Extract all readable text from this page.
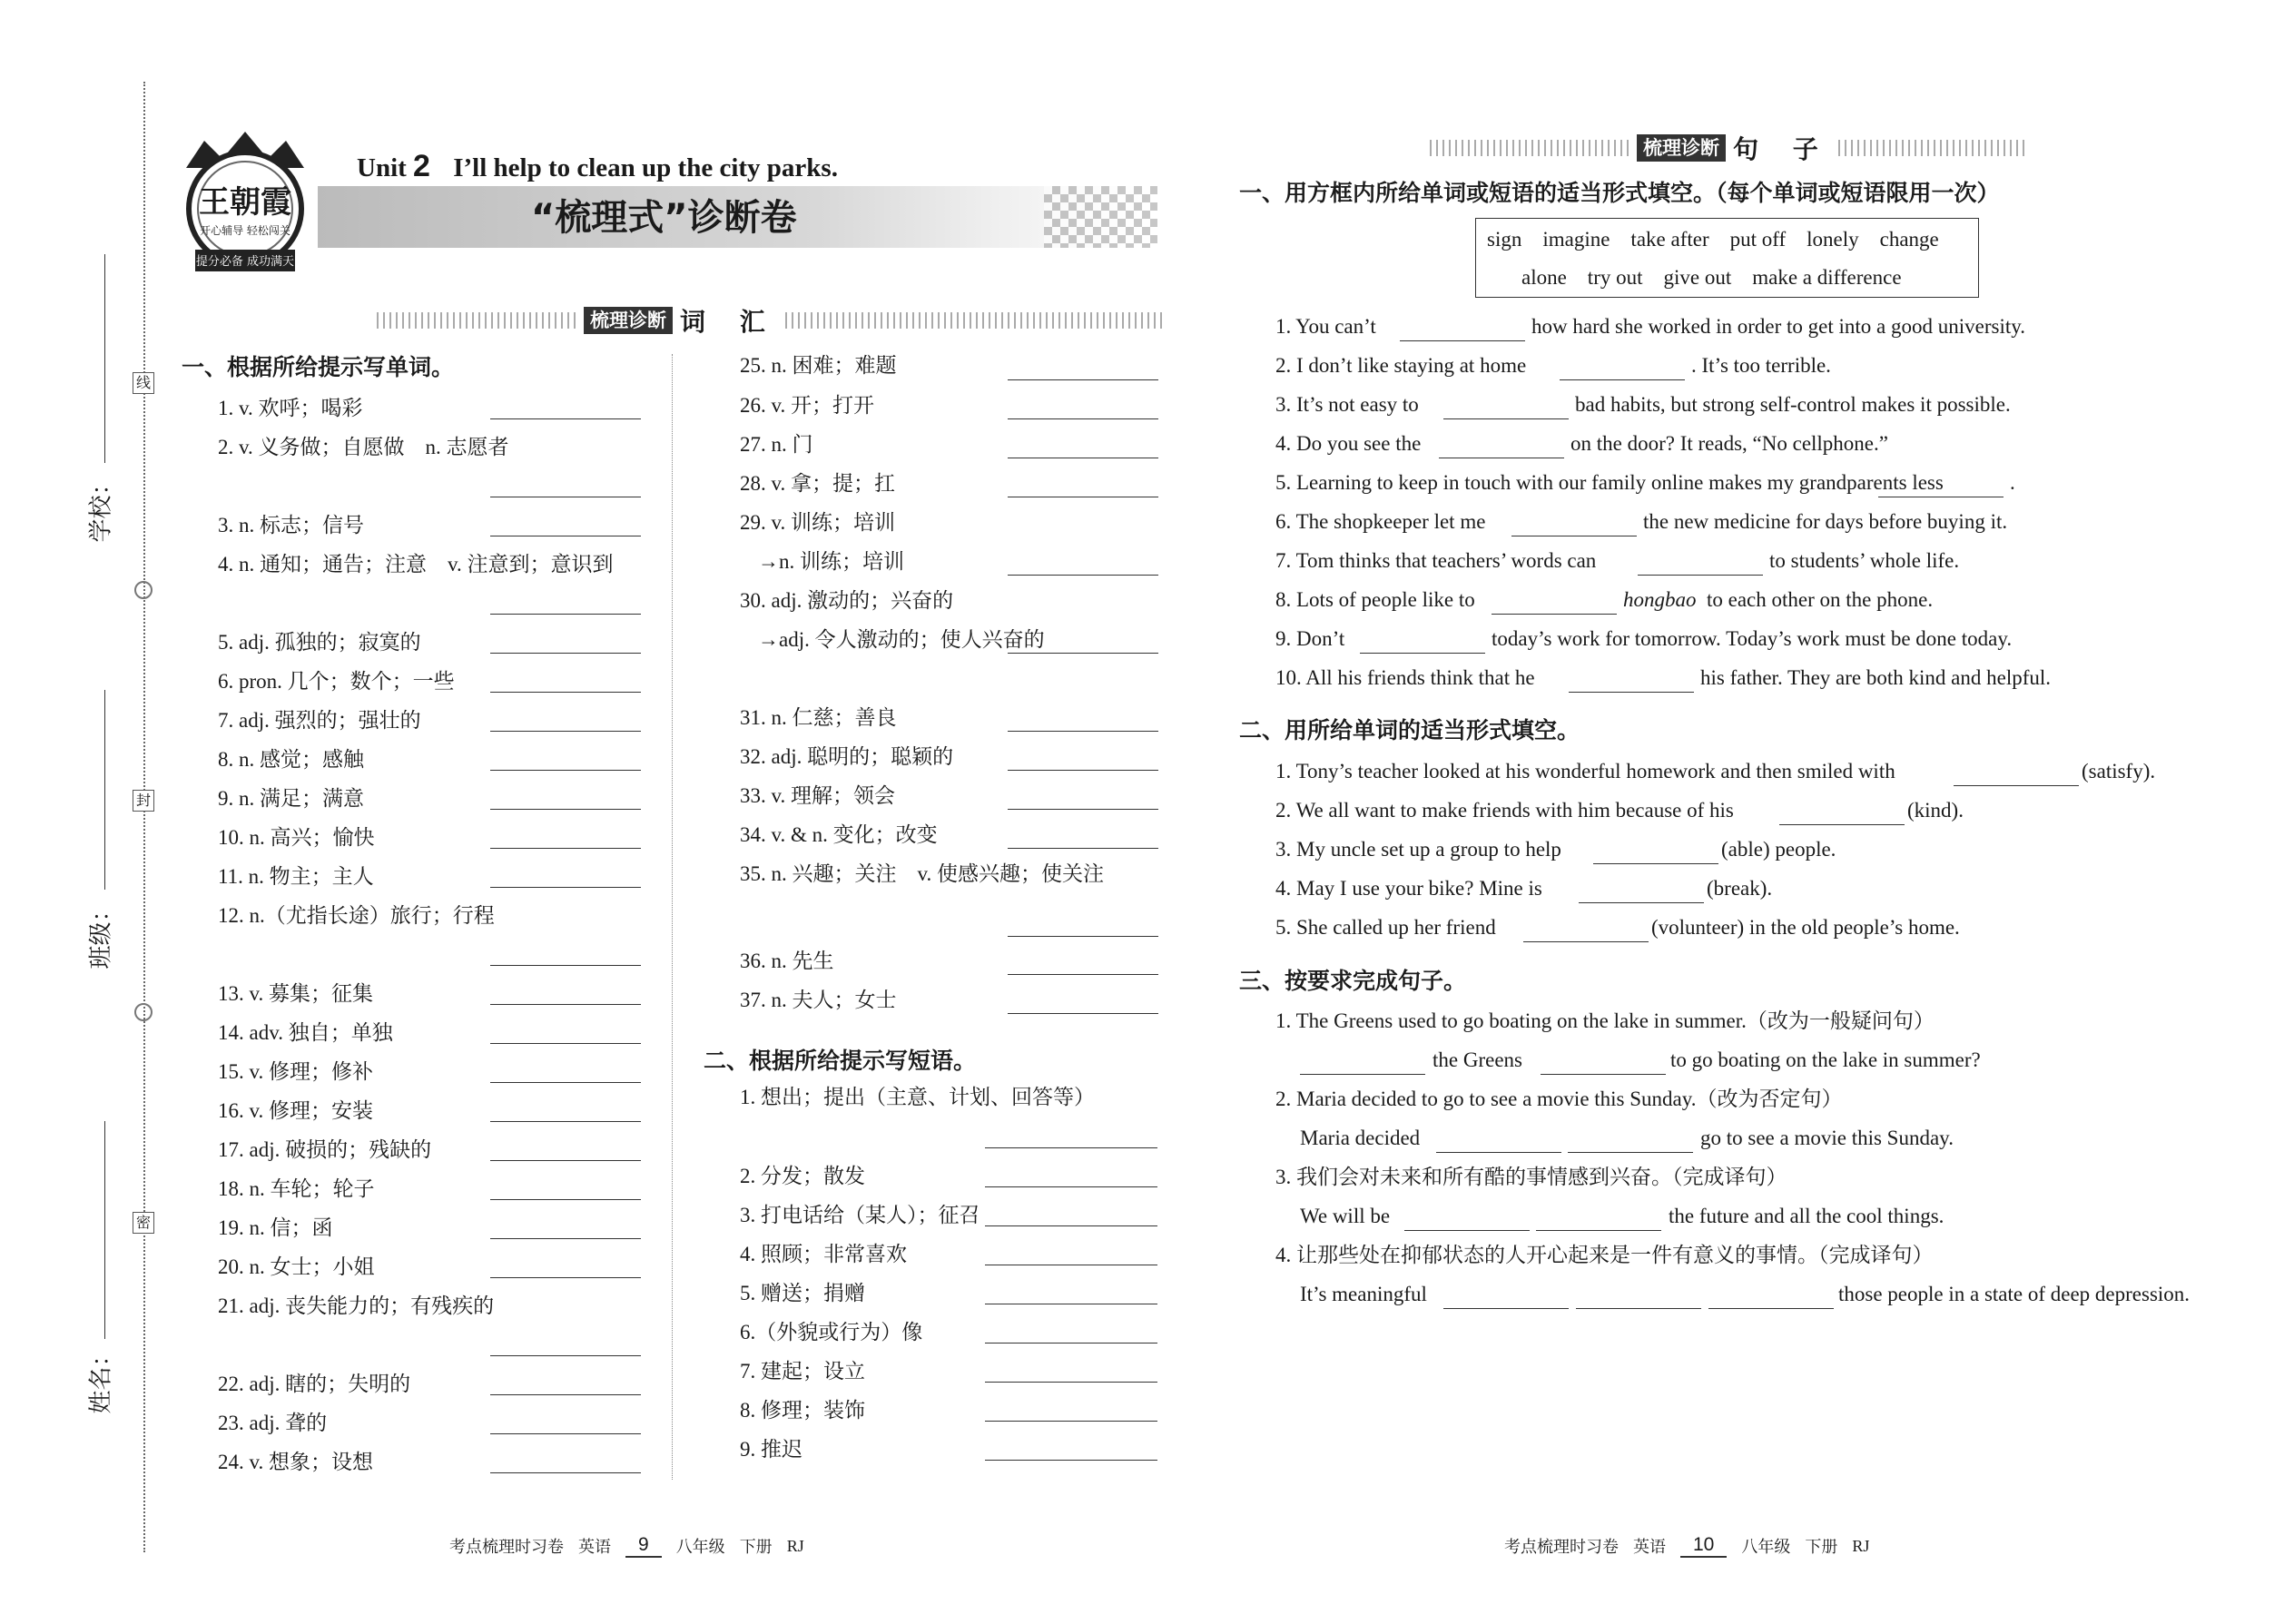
学校：
班级：
姓名：
线
封
密
王朝霞
开心辅导 轻松闯关
提分必备 成功满天
Unit 2 I’ll help to clean up the city parks.
“梳理式”诊断卷
梳理诊断 词 汇
梳理诊断 句 子
一、根据所给提示写单词。
1. v. 欢呼；喝彩
2. v. 义务做；自愿做　n. 志愿者
3. n. 标志；信号
4. n. 通知；通告；注意　v. 注意到；意识到
5. adj. 孤独的；寂寞的
6. pron. 几个；数个；一些
7. adj. 强烈的；强壮的
8. n. 感觉；感触
9. n. 满足；满意
10. n. 高兴；愉快
11. n. 物主；主人
12. n.（尤指长途）旅行；行程
13. v. 募集；征集
14. adv. 独自；单独
15. v. 修理；修补
16. v. 修理；安装
17. adj. 破损的；残缺的
18. n. 车轮；轮子
19. n. 信；函
20. n. 女士；小姐
21. adj. 丧失能力的；有残疾的
22. adj. 瞎的；失明的
23. adj. 聋的
24. v. 想象；设想
25. n. 困难；难题
26. v. 开；打开
27. n. 门
28. v. 拿；提；扛
29. v. 训练；培训
→n. 训练；培训
30. adj. 激动的；兴奋的
→adj. 令人激动的；使人兴奋的
31. n. 仁慈；善良
32. adj. 聪明的；聪颖的
33. v. 理解；领会
34. v. & n. 变化；改变
35. n. 兴趣；关注　v. 使感兴趣；使关注
36. n. 先生
37. n. 夫人；女士
二、根据所给提示写短语。
1. 想出；提出（主意、计划、回答等）
2. 分发；散发
3. 打电话给（某人）；征召
4. 照顾；非常喜欢
5. 赠送；捐赠
6.（外貌或行为）像
7. 建起；设立
8. 修理；装饰
9. 推迟
一、用方框内所给单词或短语的适当形式填空。（每个单词或短语限用一次）
sign　imagine　take after　put off　lonely　change
alone　try out　give out　make a difference
1. You can’t	how hard she worked in order to get into a good university.
2. I don’t like staying at home	. It’s too terrible.
3. It’s not easy to	bad habits, but strong self-control makes it possible.
4. Do you see the	on the door? It reads, “No cellphone.”
5. Learning to keep in touch with our family online makes my grandparents less	.
6. The shopkeeper let me	the new medicine for days before buying it.
7. Tom thinks that teachers’ words can	to students’ whole life.
8. Lots of people like to	hongbao to each other on the phone.
9. Don’t	today’s work for tomorrow. Today’s work must be done today.
10. All his friends think that he	his father. They are both kind and helpful.
二、用所给单词的适当形式填空。
1. Tony’s teacher looked at his wonderful homework and then smiled with	(satisfy).
2. We all want to make friends with him because of his	(kind).
3. My uncle set up a group to help	(able) people.
4. May I use your bike? Mine is	(break).
5. She called up her friend	(volunteer) in the old people’s home.
三、按要求完成句子。
1. The Greens used to go boating on the lake in summer.（改为一般疑问句）
the Greens	to go boating on the lake in summer?
2. Maria decided to go to see a movie this Sunday.（改为否定句）
Maria decided	go to see a movie this Sunday.
3. 我们会对未来和所有酷的事情感到兴奋。（完成译句）
We will be	the future and all the cool things.
4. 让那些处在抑郁状态的人开心起来是一件有意义的事情。（完成译句）
It’s meaningful	those people in a state of deep depression.
考点梳理时习卷 英语	9	八年级 下册 RJ	考点梳理时习卷 英语	10	八年级 下册 RJ
